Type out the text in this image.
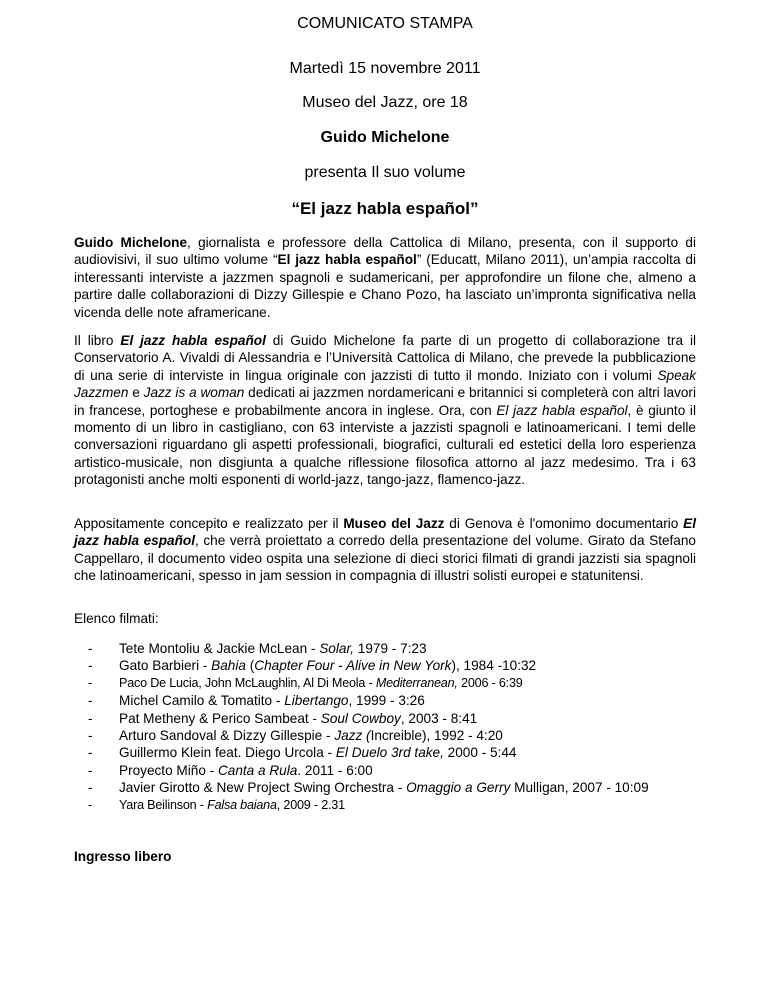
COMUNICATO STAMPA
Martedì 15 novembre 2011
Museo del Jazz, ore 18
Guido Michelone
presenta Il suo volume
“El jazz habla español”
Guido Michelone, giornalista e professore della Cattolica di Milano, presenta, con il supporto di audiovisivi, il suo ultimo volume “El jazz habla español” (Educatt, Milano 2011), un’ampia raccolta di interessanti interviste a jazzmen spagnoli e sudamericani, per approfondire un filone che, almeno a partire dalle collaborazioni di Dizzy Gillespie e Chano Pozo, ha lasciato un’impronta significativa nella vicenda delle note aframericane.
Il libro El jazz habla español di Guido Michelone fa parte di un progetto di collaborazione tra il Conservatorio A. Vivaldi di Alessandria e l’Università Cattolica di Milano, che prevede la pubblicazione di una serie di interviste in lingua originale con jazzisti di tutto il mondo. Iniziato con i volumi Speak Jazzmen e Jazz is a woman dedicati ai jazzmen nordamericani e britannici si completerà con altri lavori in francese, portoghese e probabilmente ancora in inglese. Ora, con El jazz habla español, è giunto il momento di un libro in castigliano, con 63 interviste a jazzisti spagnoli e latinoamericani. I temi delle conversazioni riguardano gli aspetti professionali, biografici, culturali ed estetici della loro esperienza artistico-musicale, non disgiunta a qualche riflessione filosofica attorno al jazz medesimo. Tra i 63 protagonisti anche molti esponenti di world-jazz, tango-jazz, flamenco-jazz.
Appositamente concepito e realizzato per il Museo del Jazz di Genova è l'omonimo documentario El jazz habla español, che verrà proiettato a corredo della presentazione del volume. Girato da Stefano Cappellaro, il documento video ospita una selezione di dieci storici filmati di grandi jazzisti sia spagnoli che latinoamericani, spesso in jam session in compagnia di illustri solisti europei e statunitensi.
Elenco filmati:
- Tete Montoliu & Jackie McLean - Solar, 1979 - 7:23
- Gato Barbieri - Bahia (Chapter Four - Alive in New York), 1984 -10:32
- Paco De Lucia, John McLaughlin, Al Di Meola - Mediterranean, 2006 - 6:39
- Michel Camilo & Tomatito - Libertango, 1999 - 3:26
- Pat Metheny & Perico Sambeat - Soul Cowboy, 2003 - 8:41
- Arturo Sandoval & Dizzy Gillespie - Jazz (Increible), 1992 - 4:20
- Guillermo Klein feat. Diego Urcola - El Duelo 3rd take, 2000 - 5:44
- Proyecto Miño - Canta a Rula. 2011 - 6:00
- Javier Girotto & New Project Swing Orchestra - Omaggio a Gerry Mulligan, 2007 - 10:09
- Yara Beilinson - Falsa baiana, 2009 - 2.31
Ingresso libero
